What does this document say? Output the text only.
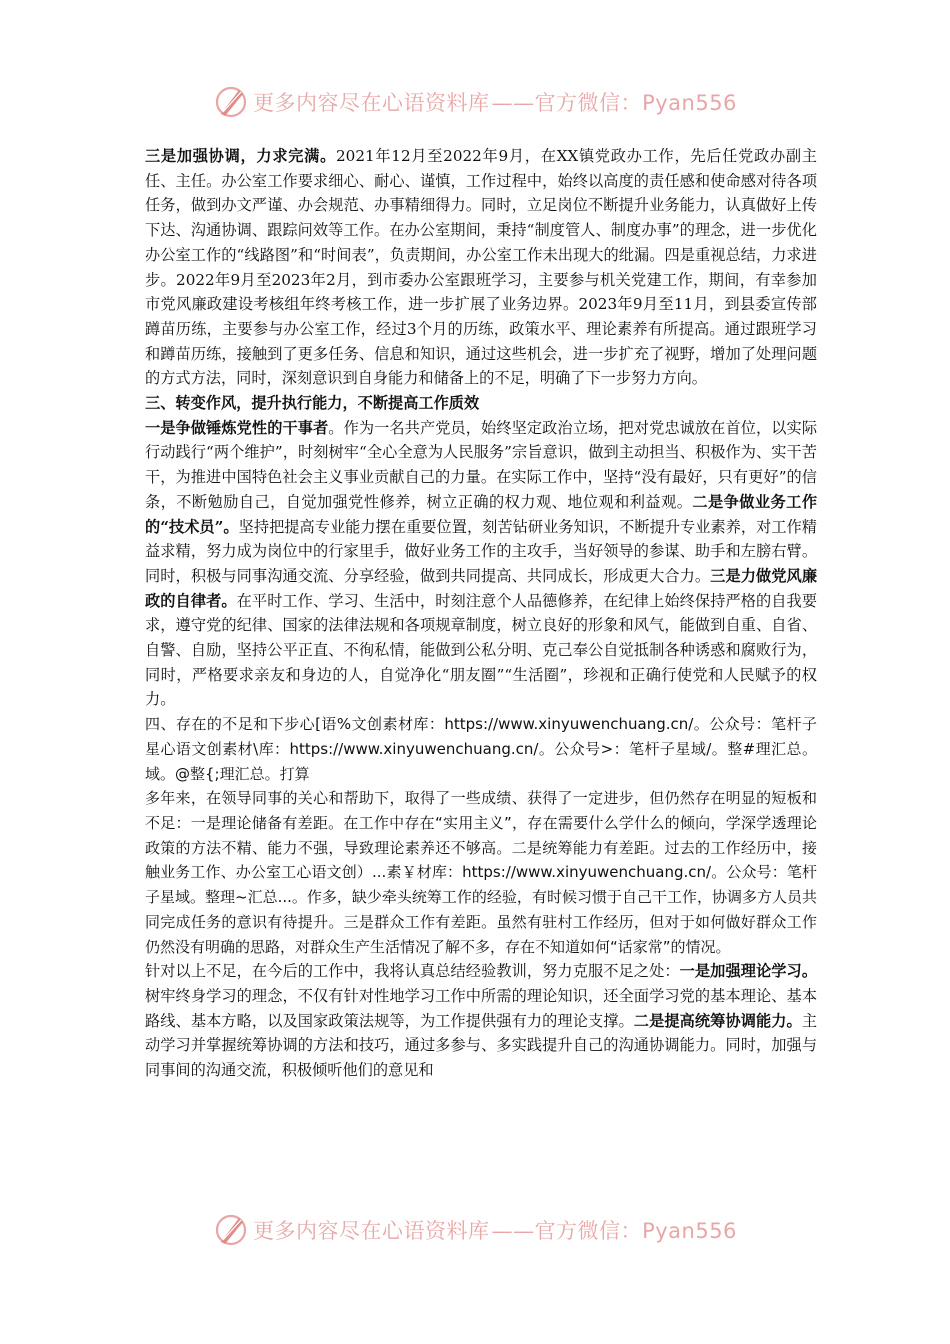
更多内容尽在心语资料库——官方微信：Pyan556

三是加强协调，力求完满。2021年12月至2022年9月，在XX镇党政办工作，先后任党政办副主任、主任。办公室工作要求细心、耐心、谨慎，工作过程中，始终以高度的责任感和使命感对待各项任务，做到办文严谨、办会规范、办事精细得力。同时，立足岗位不断提升业务能力，认真做好上传下达、沟通协调、跟踪问效等工作。在办公室期间，秉持“制度管人、制度办事”的理念，进一步优化办公室工作的“线路图”和“时间表”，负责期间，办公室工作未出现大的纰漏。四是重视总结，力求进步。2022年9月至2023年2月，到市委办公室跟班学习，主要参与机关党建工作，期间，有幸参加市党风廉政建设考核组年终考核工作，进一步扩展了业务边界。2023年9月至11月，到县委宣传部蹲苗历练，主要参与办公室工作，经过3个月的历练，政策水平、理论素养有所提高。通过跟班学习和蹲苗历练，接触到了更多任务、信息和知识，通过这些机会，进一步扩充了视野，增加了处理问题的方式方法，同时，深刻意识到自身能力和储备上的不足，明确了下一步努力方向。

三、转变作风，提升执行能力，不断提高工作质效

一是争做锤炼党性的干事者。作为一名共产党员，始终坚定政治立场，把对党忠诚放在首位，以实际行动践行“两个维护”，时刻树牢“全心全意为人民服务”宗旨意识，做到主动担当、积极作为、实干苦干，为推进中国特色社会主义事业贡献自己的力量。在实际工作中，坚持“没有最好，只有更好”的信条，不断勉励自己，自觉加强党性修养，树立正确的权力观、地位观和利益观。二是争做业务工作的“技术员”。坚持把提高专业能力摆在重要位置，刻苦钻研业务知识，不断提升专业素养，对工作精益求精，努力成为岗位中的行家里手，做好业务工作的主攻手，当好领导的参谋、助手和左膀右臂。同时，积极与同事沟通交流、分享经验，做到共同提高、共同成长，形成更大合力。三是力做党风廉政的自律者。在平时工作、学习、生活中，时刻注意个人品德修养，在纪律上始终保持严格的自我要求，遵守党的纪律、国家的法律法规和各项规章制度，树立良好的形象和风气，能做到自重、自省、自警、自励，坚持公平正直、不徇私情，能做到公私分明、克己奉公自觉抵制各种诱惑和腐败行为，同时，严格要求亲友和身边的人，自觉净化“朋友圈”“生活圈”，珍视和正确行使党和人民赋予的权力。

四、存在的不足和下步心[语%文创素材库：https://www.xinyuwenchuang.cn/。公众号：笔杆子星心语文创素材\库：https://www.xinyuwenchuang.cn/。公众号>：笔杆子星域/。整#理汇总。域。@整{;理汇总。打算

多年来，在领导同事的关心和帮助下，取得了一些成绩、获得了一定进步，但仍然存在明显的短板和不足：一是理论储备有差距。在工作中存在“实用主义”，存在需要什么学什么的倾向，学深学透理论政策的方法不精、能力不强，导致理论素养还不够高。二是统筹能力有差距。过去的工作经历中，接触业务工作、办公室工心语文创）...素￥材库：https://www.xinyuwenchuang.cn/。公众号：笔杆子星域。整理~汇总...。作多，缺少牵头统筹工作的经验，有时候习惯于自己干工作，协调多方人员共同完成任务的意识有待提升。三是群众工作有差距。虽然有驻村工作经历，但对于如何做好群众工作仍然没有明确的思路，对群众生产生活情况了解不多，存在不知道如何“话家常”的情况。

针对以上不足，在今后的工作中，我将认真总结经验教训，努力克服不足之处：一是加强理论学习。树牢终身学习的理念，不仅有针对性地学习工作中所需的理论知识，还全面学习党的基本理论、基本路线、基本方略，以及国家政策法规等，为工作提供强有力的理论支撑。二是提高统筹协调能力。主动学习并掌握统筹协调的方法和技巧，通过多参与、多实践提升自己的沟通协调能力。同时，加强与同事间的沟通交流，积极倾听他们的意见和

更多内容尽在心语资料库——官方微信：Pyan556
